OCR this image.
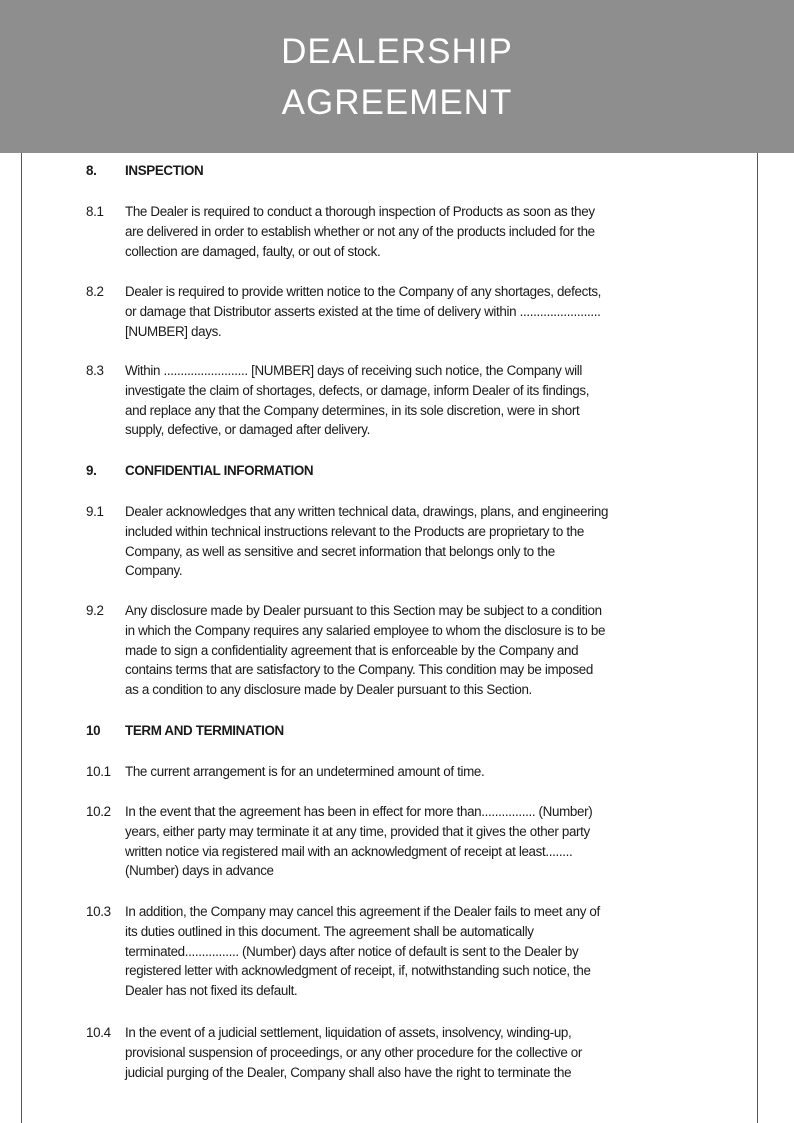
DEALERSHIP
AGREEMENT
8. INSPECTION
8.1 The Dealer is required to conduct a thorough inspection of Products as soon as they
are delivered in order to establish whether or not any of the products included for the
collection are damaged, faulty, or out of stock.
8.2 Dealer is required to provide written notice to the Company of any shortages, defects,
or damage that Distributor asserts existed at the time of delivery within ........................
[NUMBER] days.
8.3 Within ......................... [NUMBER] days of receiving such notice, the Company will
investigate the claim of shortages, defects, or damage, inform Dealer of its findings,
and replace any that the Company determines, in its sole discretion, were in short
supply, defective, or damaged after delivery.
9. CONFIDENTIAL INFORMATION
9.1 Dealer acknowledges that any written technical data, drawings, plans, and engineering
included within technical instructions relevant to the Products are proprietary to the
Company, as well as sensitive and secret information that belongs only to the
Company.
9.2 Any disclosure made by Dealer pursuant to this Section may be subject to a condition
in which the Company requires any salaried employee to whom the disclosure is to be
made to sign a confidentiality agreement that is enforceable by the Company and
contains terms that are satisfactory to the Company. This condition may be imposed
as a condition to any disclosure made by Dealer pursuant to this Section.
10 TERM AND TERMINATION
10.1 The current arrangement is for an undetermined amount of time.
10.2 In the event that the agreement has been in effect for more than................ (Number)
years, either party may terminate it at any time, provided that it gives the other party
written notice via registered mail with an acknowledgment of receipt at least........
(Number) days in advance
10.3 In addition, the Company may cancel this agreement if the Dealer fails to meet any of
its duties outlined in this document. The agreement shall be automatically
terminated................ (Number) days after notice of default is sent to the Dealer by
registered letter with acknowledgment of receipt, if, notwithstanding such notice, the
Dealer has not fixed its default.
10.4 In the event of a judicial settlement, liquidation of assets, insolvency, winding-up,
provisional suspension of proceedings, or any other procedure for the collective or
judicial purging of the Dealer, Company shall also have the right to terminate the
